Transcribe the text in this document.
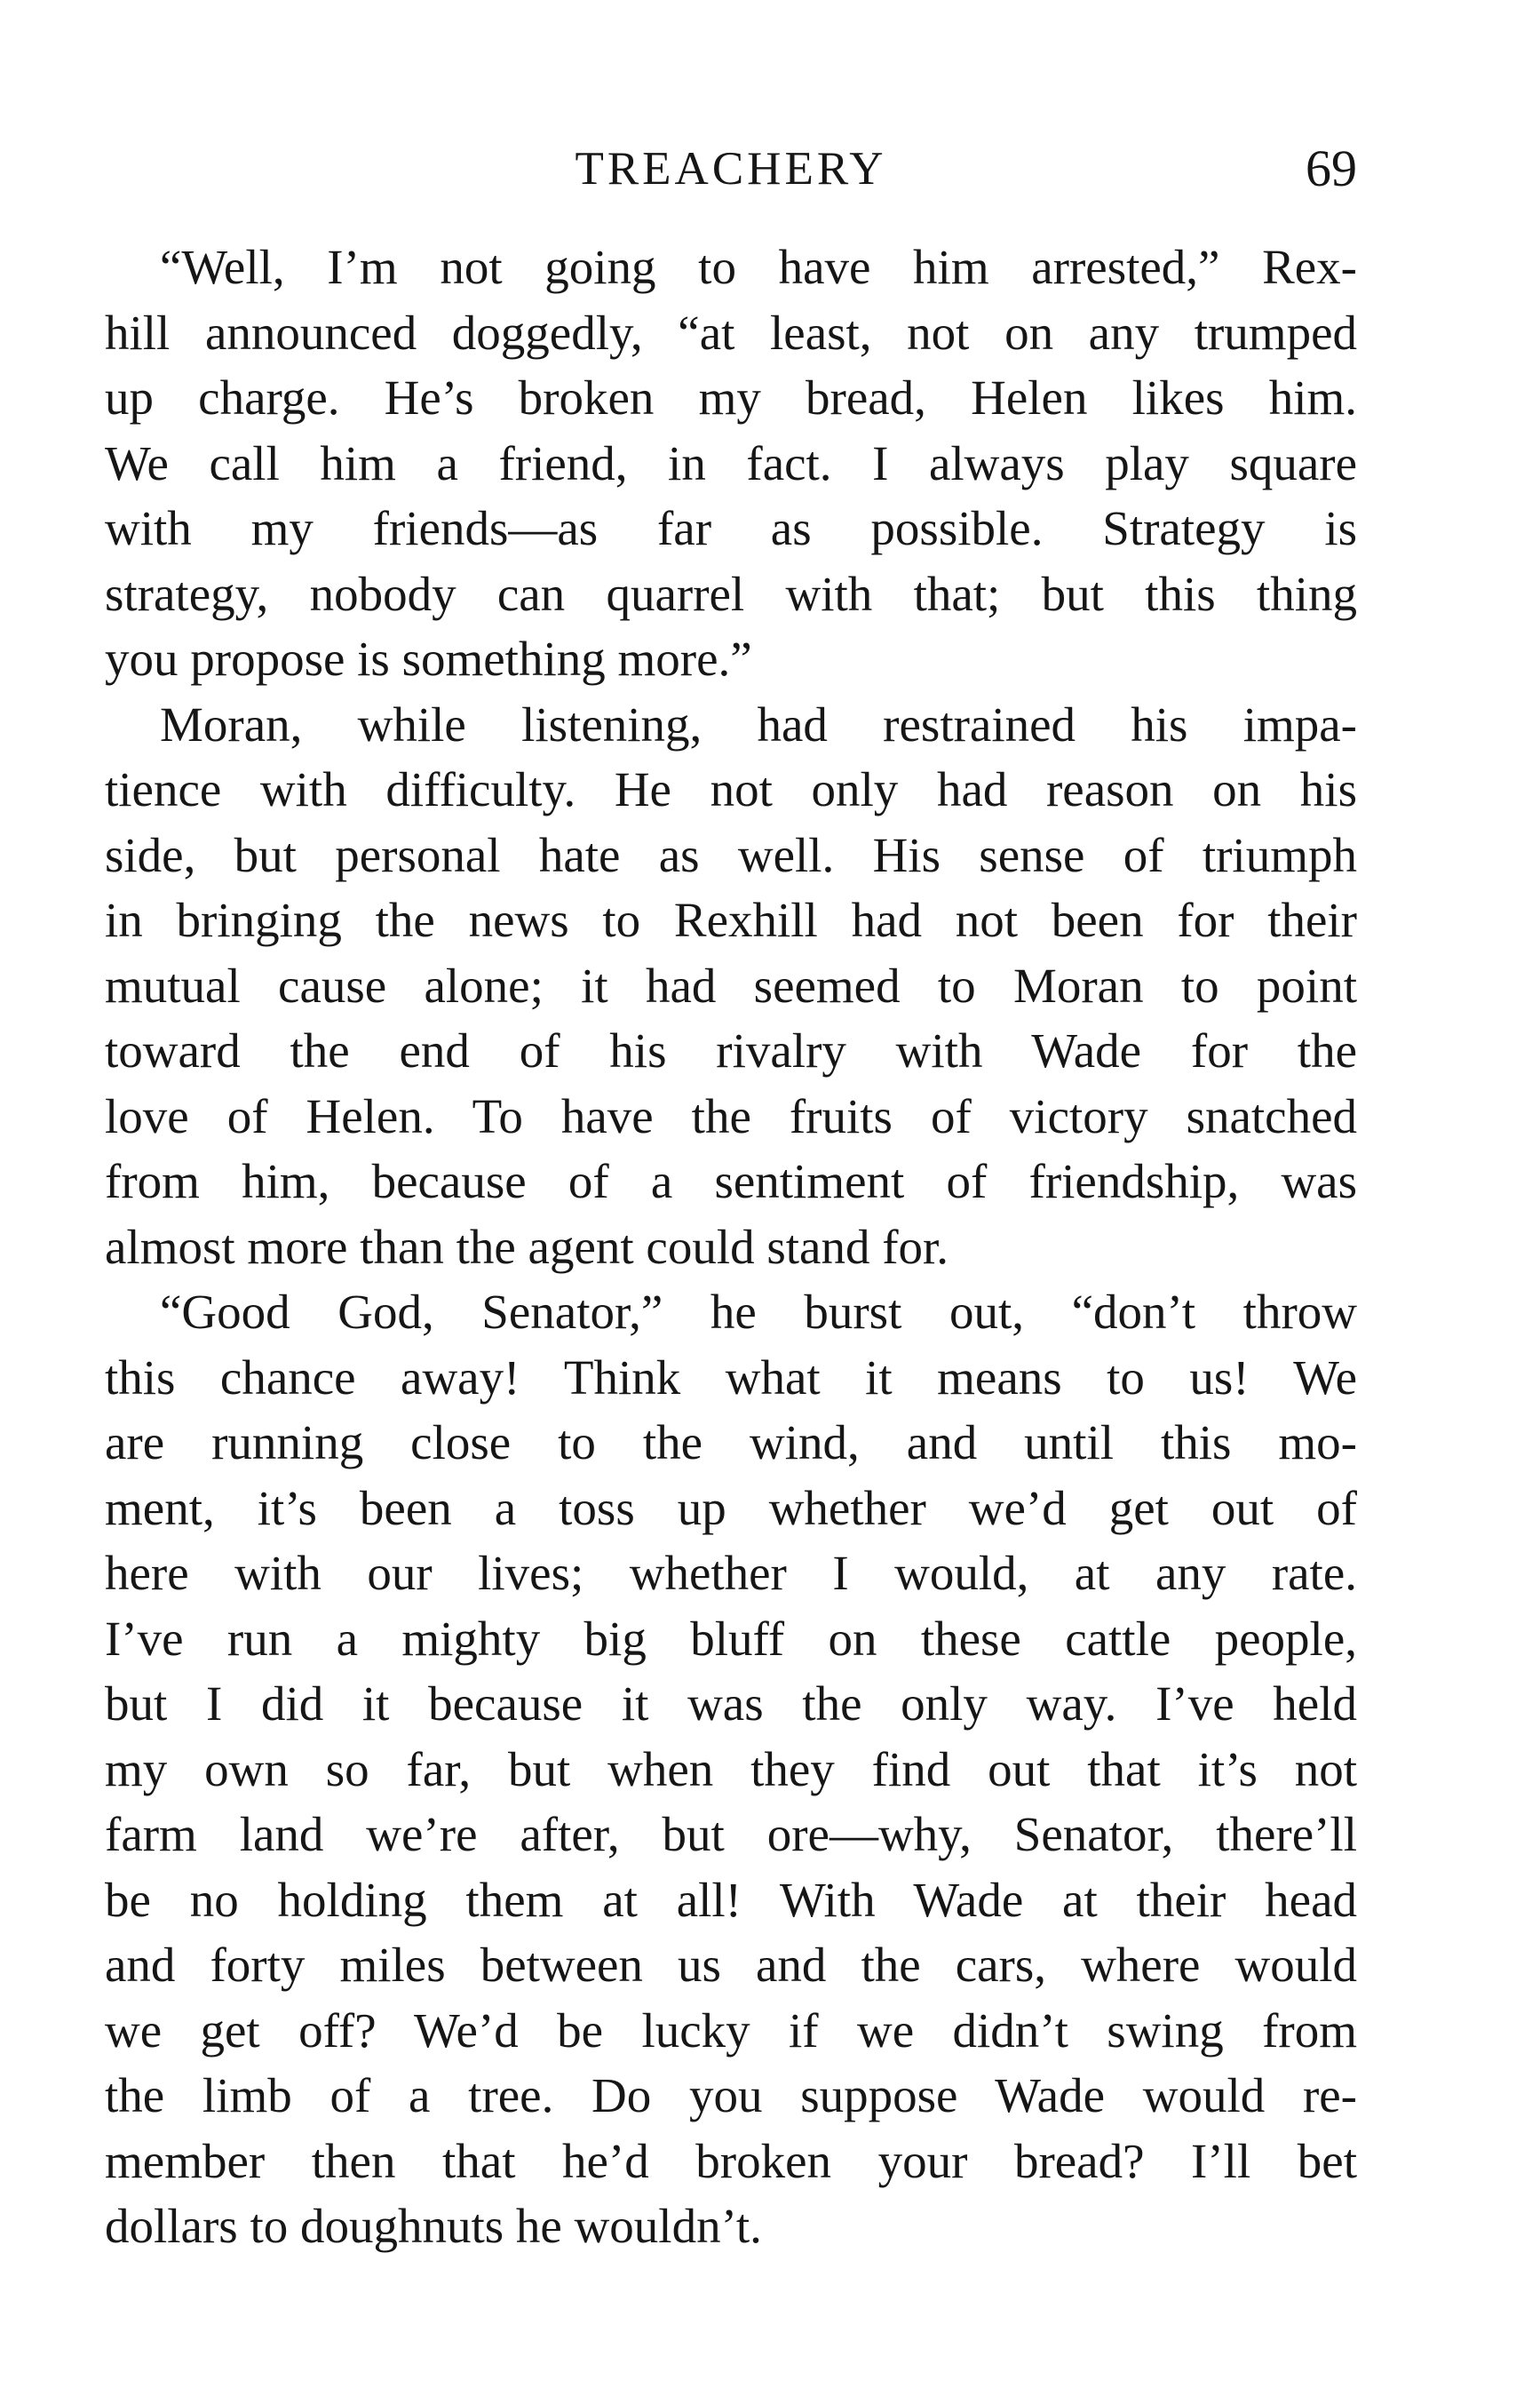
TREACHERY	69
“Well, I’m not going to have him arrested,” Rex-
hill announced doggedly, “at least, not on any trumped
up charge. He’s broken my bread, Helen likes him.
We call him a friend, in fact. I always play square
with my friends—as far as possible. Strategy is
strategy, nobody can quarrel with that; but this thing
you propose is something more.”
Moran, while listening, had restrained his impa-
tience with difficulty. He not only had reason on his
side, but personal hate as well. His sense of triumph
in bringing the news to Rexhill had not been for their
mutual cause alone; it had seemed to Moran to point
toward the end of his rivalry with Wade for the
love of Helen. To have the fruits of victory snatched
from him, because of a sentiment of friendship, was
almost more than the agent could stand for.
“Good God, Senator,” he burst out, “don’t throw
this chance away! Think what it means to us! We
are running close to the wind, and until this mo-
ment, it’s been a toss up whether we’d get out of
here with our lives; whether I would, at any rate.
I’ve run a mighty big bluff on these cattle people,
but I did it because it was the only way. I’ve held
my own so far, but when they find out that it’s not
farm land we’re after, but ore—why, Senator, there’ll
be no holding them at all! With Wade at their head
and forty miles between us and the cars, where would
we get off? We’d be lucky if we didn’t swing from
the limb of a tree. Do you suppose Wade would re-
member then that he’d broken your bread? I’ll bet
dollars to doughnuts he wouldn’t.
